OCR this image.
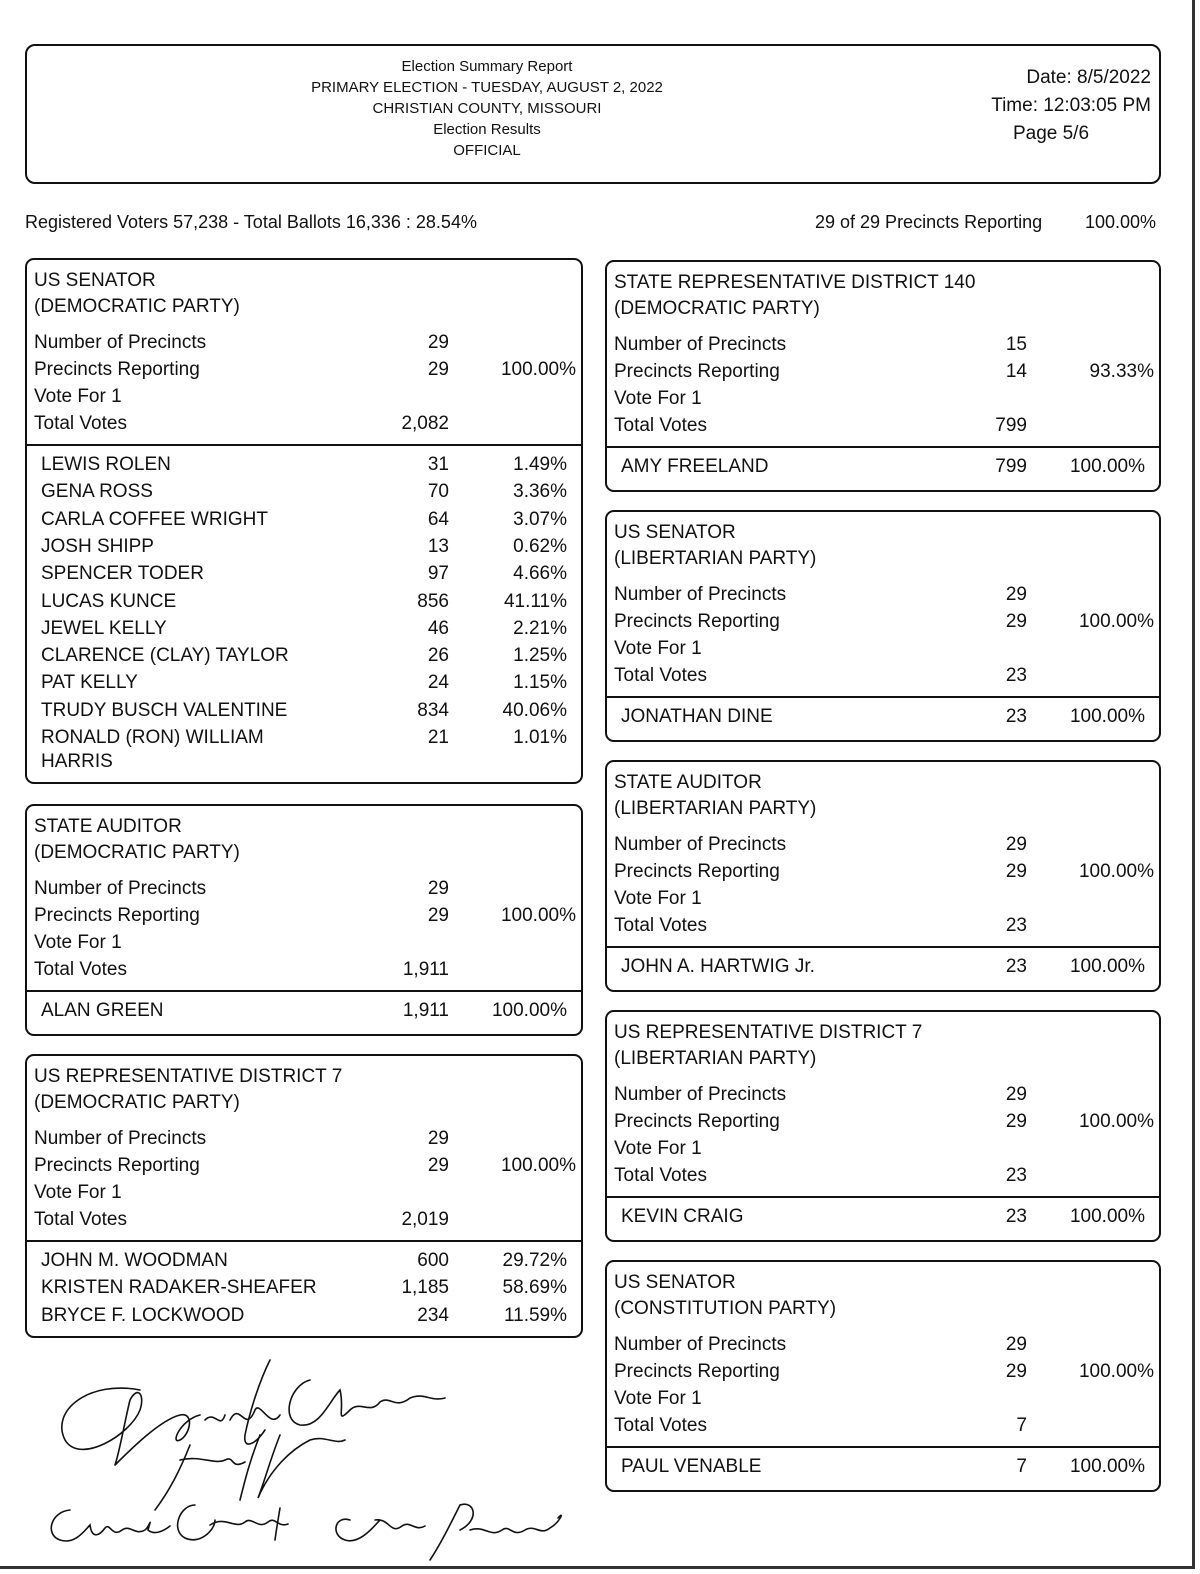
Election Summary Report
PRIMARY ELECTION - TUESDAY, AUGUST 2, 2022
CHRISTIAN COUNTY, MISSOURI
Election Results
OFFICIAL
Date: 8/5/2022
Time: 12:03:05 PM
Page 5/6
Registered Voters 57,238 - Total Ballots 16,336 : 28.54%	29 of 29 Precincts Reporting 100.00%
US SENATOR
(DEMOCRATIC PARTY)
Number of Precincts	29
Precincts Reporting	29	100.00%
Vote For 1
Total Votes	2,082
LEWIS ROLEN	31	1.49%
GENA ROSS	70	3.36%
CARLA COFFEE WRIGHT	64	3.07%
JOSH SHIPP	13	0.62%
SPENCER TODER	97	4.66%
LUCAS KUNCE	856	41.11%
JEWEL KELLY	46	2.21%
CLARENCE (CLAY) TAYLOR	26	1.25%
PAT KELLY	24	1.15%
TRUDY BUSCH VALENTINE	834	40.06%
RONALD (RON) WILLIAM	21	1.01%
HARRIS
STATE AUDITOR
(DEMOCRATIC PARTY)
Number of Precincts	29
Precincts Reporting	29	100.00%
Vote For 1
Total Votes	1,911
ALAN GREEN	1,911 100.00%
US REPRESENTATIVE DISTRICT 7
(DEMOCRATIC PARTY)
Number of Precincts	29
Precincts Reporting	29	100.00%
Vote For 1
Total Votes	2,019
JOHN M. WOODMAN	600	29.72%
KRISTEN RADAKER-SHEAFER	1,185	58.69%
BRYCE F. LOCKWOOD	234	11.59%
STATE REPRESENTATIVE DISTRICT 140
(DEMOCRATIC PARTY)
Number of Precincts	15
Precincts Reporting	14	93.33%
Vote For 1
Total Votes	799
AMY FREELAND	799 100.00%
US SENATOR
(LIBERTARIAN PARTY)
Number of Precincts	29
Precincts Reporting	29	100.00%
Vote For 1
Total Votes	23
JONATHAN DINE	23 100.00%
STATE AUDITOR
(LIBERTARIAN PARTY)
Number of Precincts	29
Precincts Reporting	29	100.00%
Vote For 1
Total Votes	23
JOHN A. HARTWIG Jr.	23 100.00%
US REPRESENTATIVE DISTRICT 7
(LIBERTARIAN PARTY)
Number of Precincts	29
Precincts Reporting	29	100.00%
Vote For 1
Total Votes	23
KEVIN CRAIG	23 100.00%
US SENATOR
(CONSTITUTION PARTY)
Number of Precincts	29
Precincts Reporting	29	100.00%
Vote For 1
Total Votes	7
PAUL VENABLE	7 100.00%
